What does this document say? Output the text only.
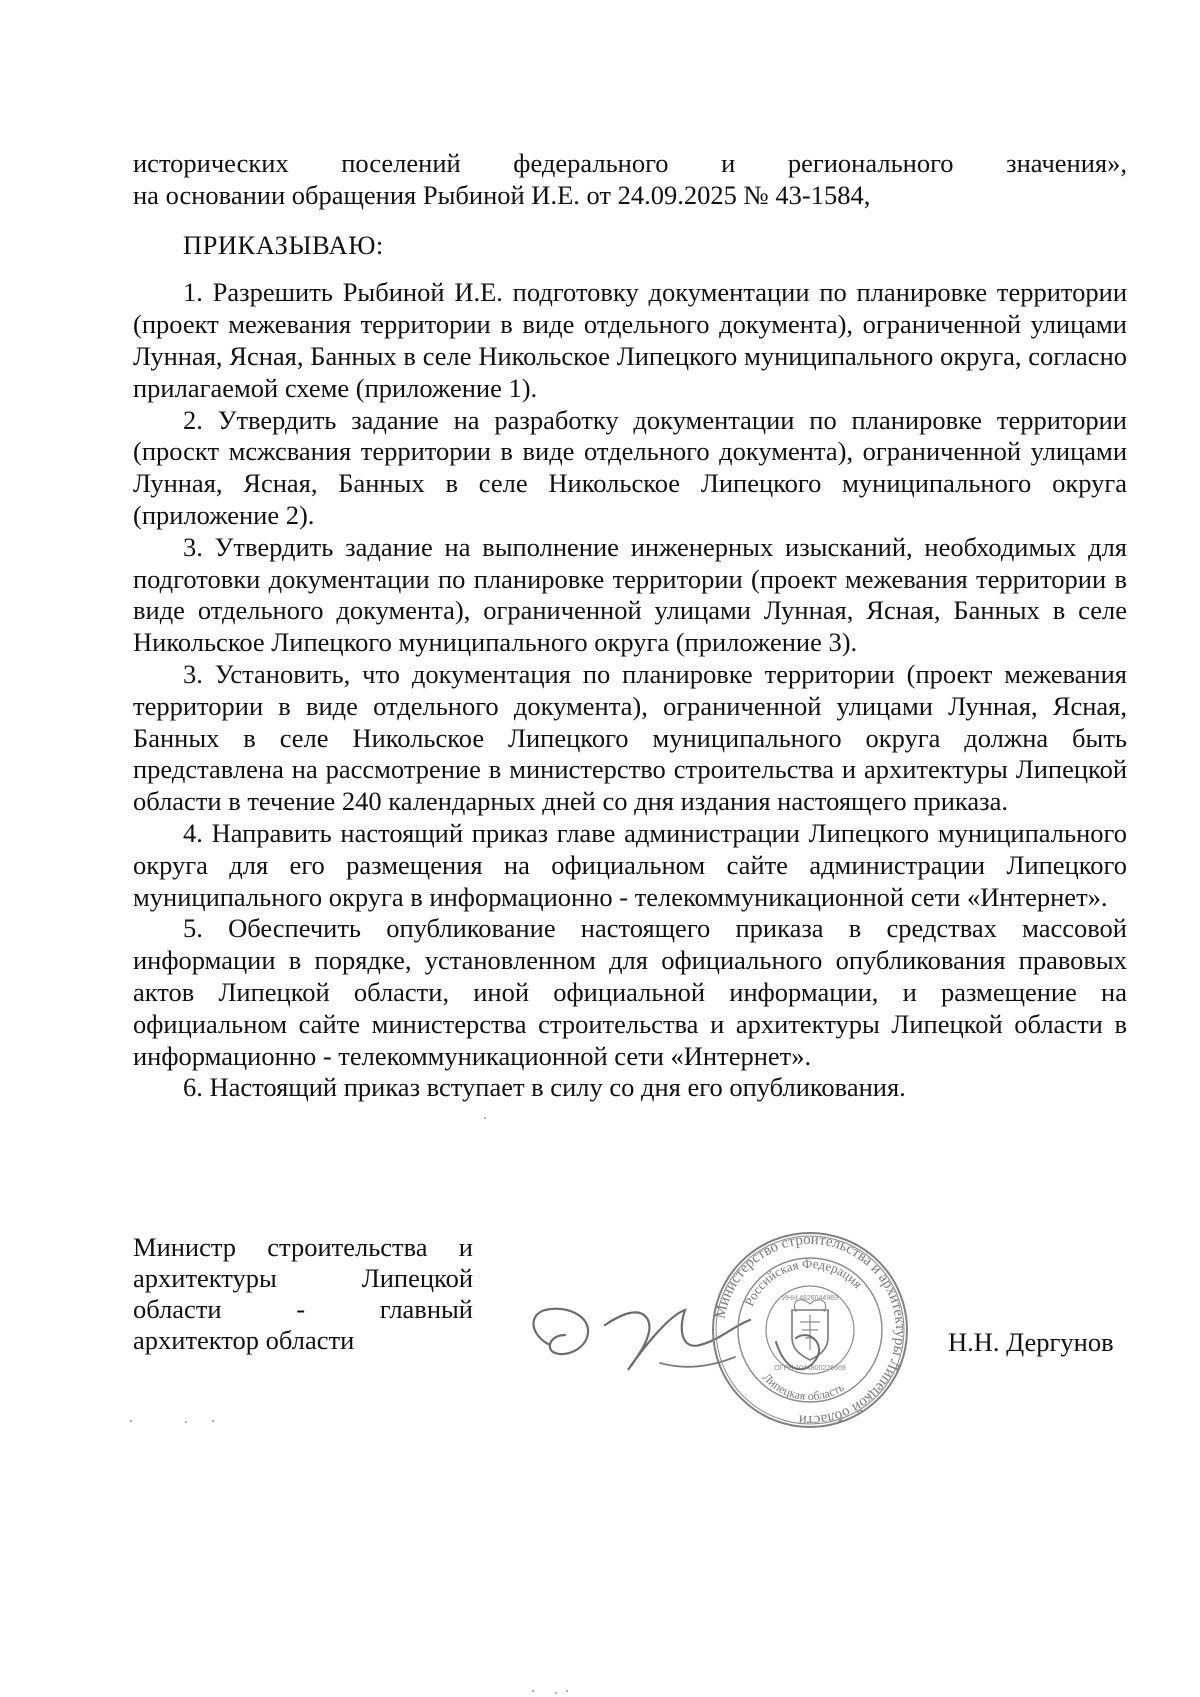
исторических поселений федерального и регионального значения»,

на основании обращения Рыбиной И.Е. от 24.09.2025 № 43-1584,

ПРИКАЗЫВАЮ:

1. Разрешить Рыбиной И.Е. подготовку документации по планировке территории (проект межевания территории в виде отдельного документа), ограниченной улицами Лунная, Ясная, Банных в селе Никольское Липецкого муниципального округа, согласно прилагаемой схеме (приложение 1).

2. Утвердить задание на разработку документации по планировке территории (проскт мсжсвания территории в виде отдельного документа), ограниченной улицами Лунная, Ясная, Банных в селе Никольское Липецкого муниципального округа (приложение 2).

3. Утвердить задание на выполнение инженерных изысканий, необходимых для подготовки документации по планировке территории (проект межевания территории в виде отдельного документа), ограниченной улицами Лунная, Ясная, Банных в селе Никольское Липецкого муниципального округа (приложение 3).

3. Установить, что документация по планировке территории (проект межевания территории в виде отдельного документа), ограниченной улицами Лунная, Ясная, Банных в селе Никольское Липецкого муниципального округа должна быть представлена на рассмотрение в министерство строительства и архитектуры Липецкой области в течение 240 календарных дней со дня издания настоящего приказа.

4. Направить настоящий приказ главе администрации Липецкого муниципального округа для его размещения на официальном сайте администрации Липецкого муниципального округа в информационно - телекоммуникационной сети «Интернет».

5. Обеспечить опубликование настоящего приказа в средствах массовой информации в порядке, установленном для официального опубликования правовых актов Липецкой области, иной официальной информации, и размещение на официальном сайте министерства строительства и архитектуры Липецкой области в информационно - телекоммуникационной сети «Интернет».

6. Настоящий приказ вступает в силу со дня его опубликования.

Министр строительства и
архитектуры Липецкой
области - главный
архитектор области
Министерство строительства и архитектуры Липецкой области
Российская Федерация
Липецкая область
ИНН 4826044969
ОГРН 1044800226669
Н.Н. Дергунов
